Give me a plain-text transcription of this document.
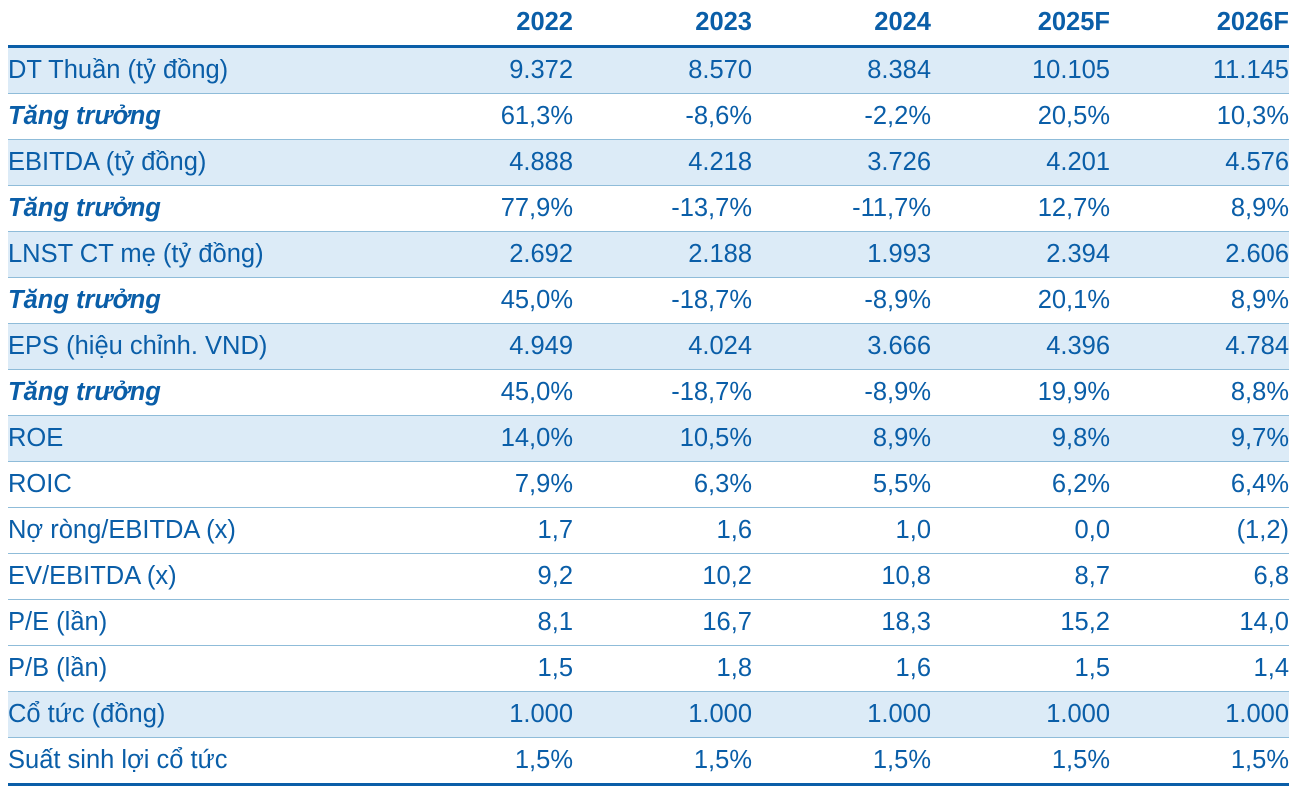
	2022	2023	2024	2025F	2026F
DT Thuần (tỷ đồng)	9.372	8.570	8.384	10.105	11.145
Tăng trưởng	61,3%	-8,6%	-2,2%	20,5%	10,3%
EBITDA (tỷ đồng)	4.888	4.218	3.726	4.201	4.576
Tăng trưởng	77,9%	-13,7%	-11,7%	12,7%	8,9%
LNST CT mẹ (tỷ đồng)	2.692	2.188	1.993	2.394	2.606
Tăng trưởng	45,0%	-18,7%	-8,9%	20,1%	8,9%
EPS (hiệu chỉnh. VND)	4.949	4.024	3.666	4.396	4.784
Tăng trưởng	45,0%	-18,7%	-8,9%	19,9%	8,8%
ROE	14,0%	10,5%	8,9%	9,8%	9,7%
ROIC	7,9%	6,3%	5,5%	6,2%	6,4%
Nợ ròng/EBITDA (x)	1,7	1,6	1,0	0,0	(1,2)
EV/EBITDA (x)	9,2	10,2	10,8	8,7	6,8
P/E (lần)	8,1	16,7	18,3	15,2	14,0
P/B (lần)	1,5	1,8	1,6	1,5	1,4
Cổ tức (đồng)	1.000	1.000	1.000	1.000	1.000
Suất sinh lợi cổ tức	1,5%	1,5%	1,5%	1,5%	1,5%
